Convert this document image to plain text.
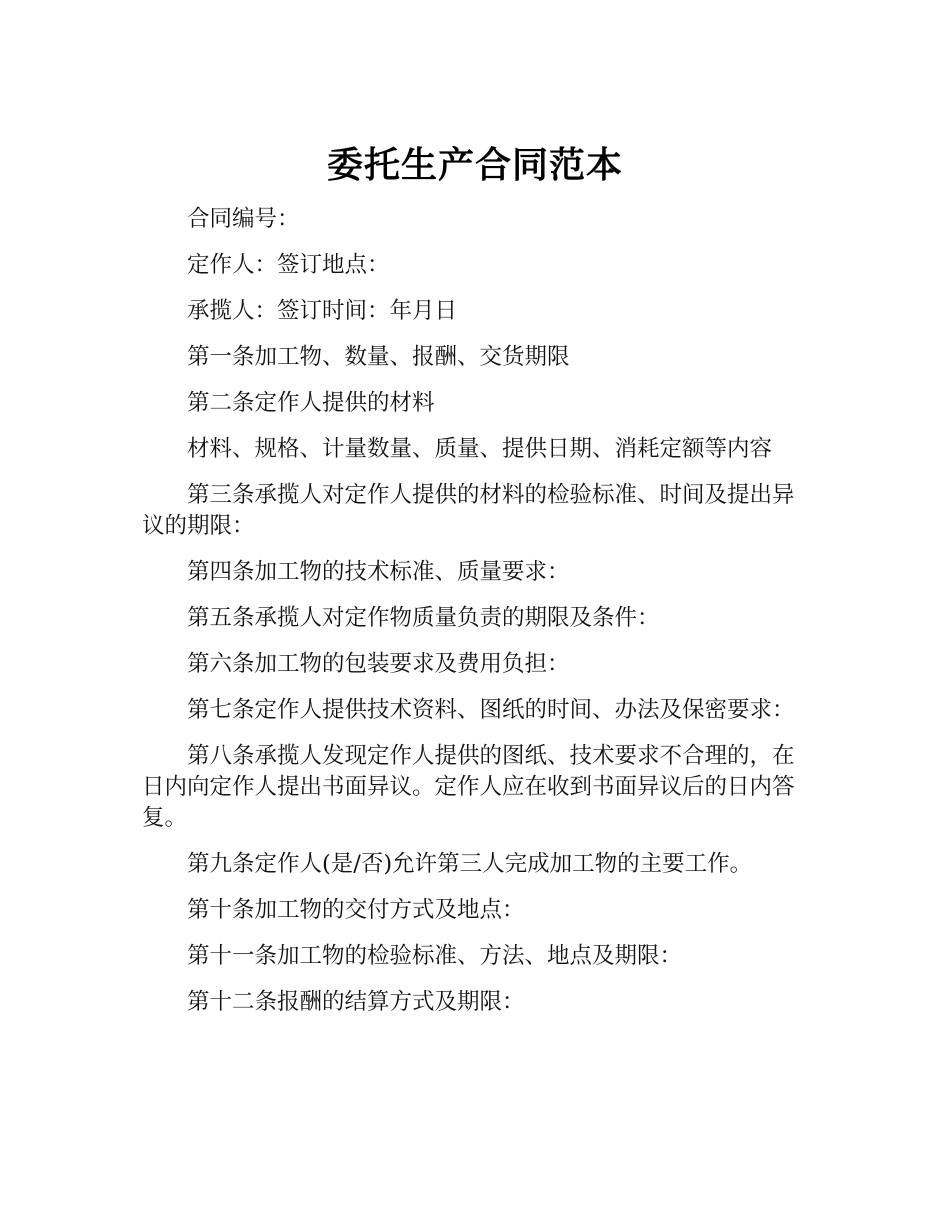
委托生产合同范本

合同编号：

定作人：签订地点：

承揽人：签订时间：年月日

第一条加工物、数量、报酬、交货期限

第二条定作人提供的材料

材料、规格、计量数量、质量、提供日期、消耗定额等内容

第三条承揽人对定作人提供的材料的检验标准、时间及提出异议的期限：

第四条加工物的技术标准、质量要求：

第五条承揽人对定作物质量负责的期限及条件：

第六条加工物的包装要求及费用负担：

第七条定作人提供技术资料、图纸的时间、办法及保密要求：

第八条承揽人发现定作人提供的图纸、技术要求不合理的，在日内向定作人提出书面异议。定作人应在收到书面异议后的日内答复。

第九条定作人(是/否)允许第三人完成加工物的主要工作。

第十条加工物的交付方式及地点：

第十一条加工物的检验标准、方法、地点及期限：

第十二条报酬的结算方式及期限：
